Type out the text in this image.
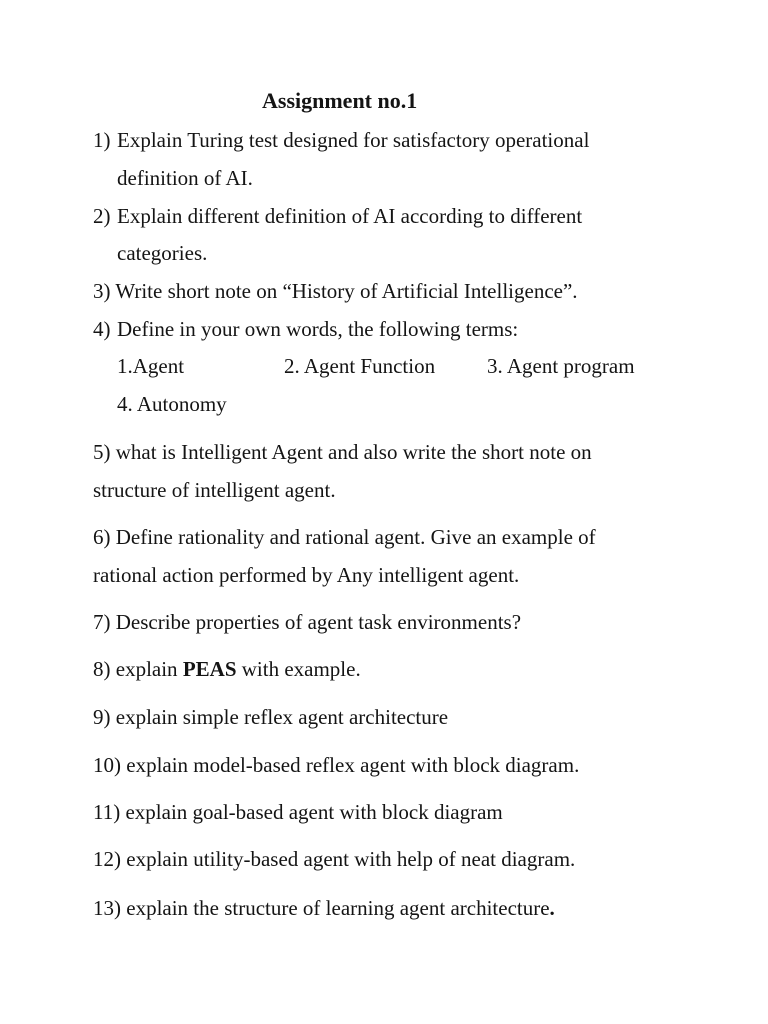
Assignment no.1
1) Explain Turing test designed for satisfactory operational
definition of AI.
2) Explain different definition of AI according to different
categories.
3) Write short note on “History of Artificial Intelligence”.
4) Define in your own words, the following terms:
1.Agent	2. Agent Function 3. Agent program
4. Autonomy
5) what is Intelligent Agent and also write the short note on
structure of intelligent agent.
6) Define rationality and rational agent. Give an example of
rational action performed by Any intelligent agent.
7) Describe properties of agent task environments?
8) explain PEAS with example.
9) explain simple reflex agent architecture
10) explain model-based reflex agent with block diagram.
11) explain goal-based agent with block diagram
12) explain utility-based agent with help of neat diagram.
13) explain the structure of learning agent architecture.
